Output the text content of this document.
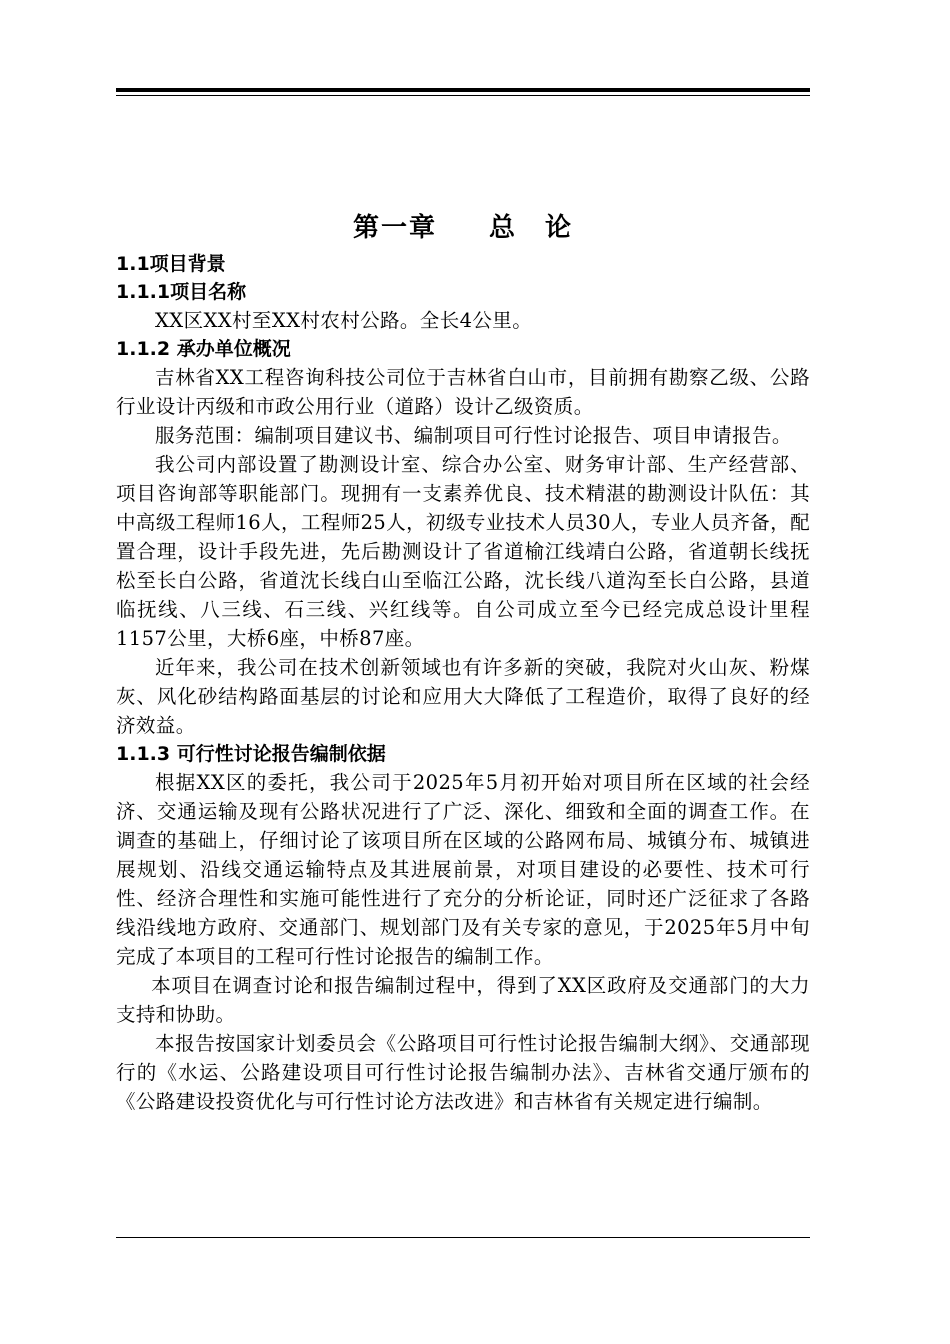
第一章 总　论
1.1项目背景
1.1.1项目名称

XX区XX村至XX村农村公路。全长4公里。

1.1.2 承办单位概况

吉林省XX工程咨询科技公司位于吉林省白山市，目前拥有勘察乙级、公路行业设计丙级和市政公用行业（道路）设计乙级资质。

服务范围：编制项目建议书、编制项目可行性讨论报告、项目申请报告。

我公司内部设置了勘测设计室、综合办公室、财务审计部、生产经营部、项目咨询部等职能部门。现拥有一支素养优良、技术精湛的勘测设计队伍：其中高级工程师16人，工程师25人，初级专业技术人员30人，专业人员齐备，配置合理，设计手段先进，先后勘测设计了省道榆江线靖白公路，省道朝长线抚松至长白公路，省道沈长线白山至临江公路，沈长线八道沟至长白公路，县道临抚线、八三线、石三线、兴红线等。自公司成立至今已经完成总设计里程1157公里，大桥6座，中桥87座。

近年来，我公司在技术创新领域也有许多新的突破，我院对火山灰、粉煤灰、风化砂结构路面基层的讨论和应用大大降低了工程造价，取得了良好的经济效益。

1.1.3 可行性讨论报告编制依据

根据XX区的委托，我公司于2025年5月初开始对项目所在区域的社会经济、交通运输及现有公路状况进行了广泛、深化、细致和全面的调查工作。在调查的基础上，仔细讨论了该项目所在区域的公路网布局、城镇分布、城镇进展规划、沿线交通运输特点及其进展前景，对项目建设的必要性、技术可行性、经济合理性和实施可能性进行了充分的分析论证，同时还广泛征求了各路线沿线地方政府、交通部门、规划部门及有关专家的意见，于2025年5月中旬完成了本项目的工程可行性讨论报告的编制工作。

本项目在调查讨论和报告编制过程中，得到了XX区政府及交通部门的大力支持和协助。

本报告按国家计划委员会《公路项目可行性讨论报告编制大纲》、交通部现行的《水运、公路建设项目可行性讨论报告编制办法》、吉林省交通厅颁布的《公路建设投资优化与可行性讨论方法改进》和吉林省有关规定进行编制。
